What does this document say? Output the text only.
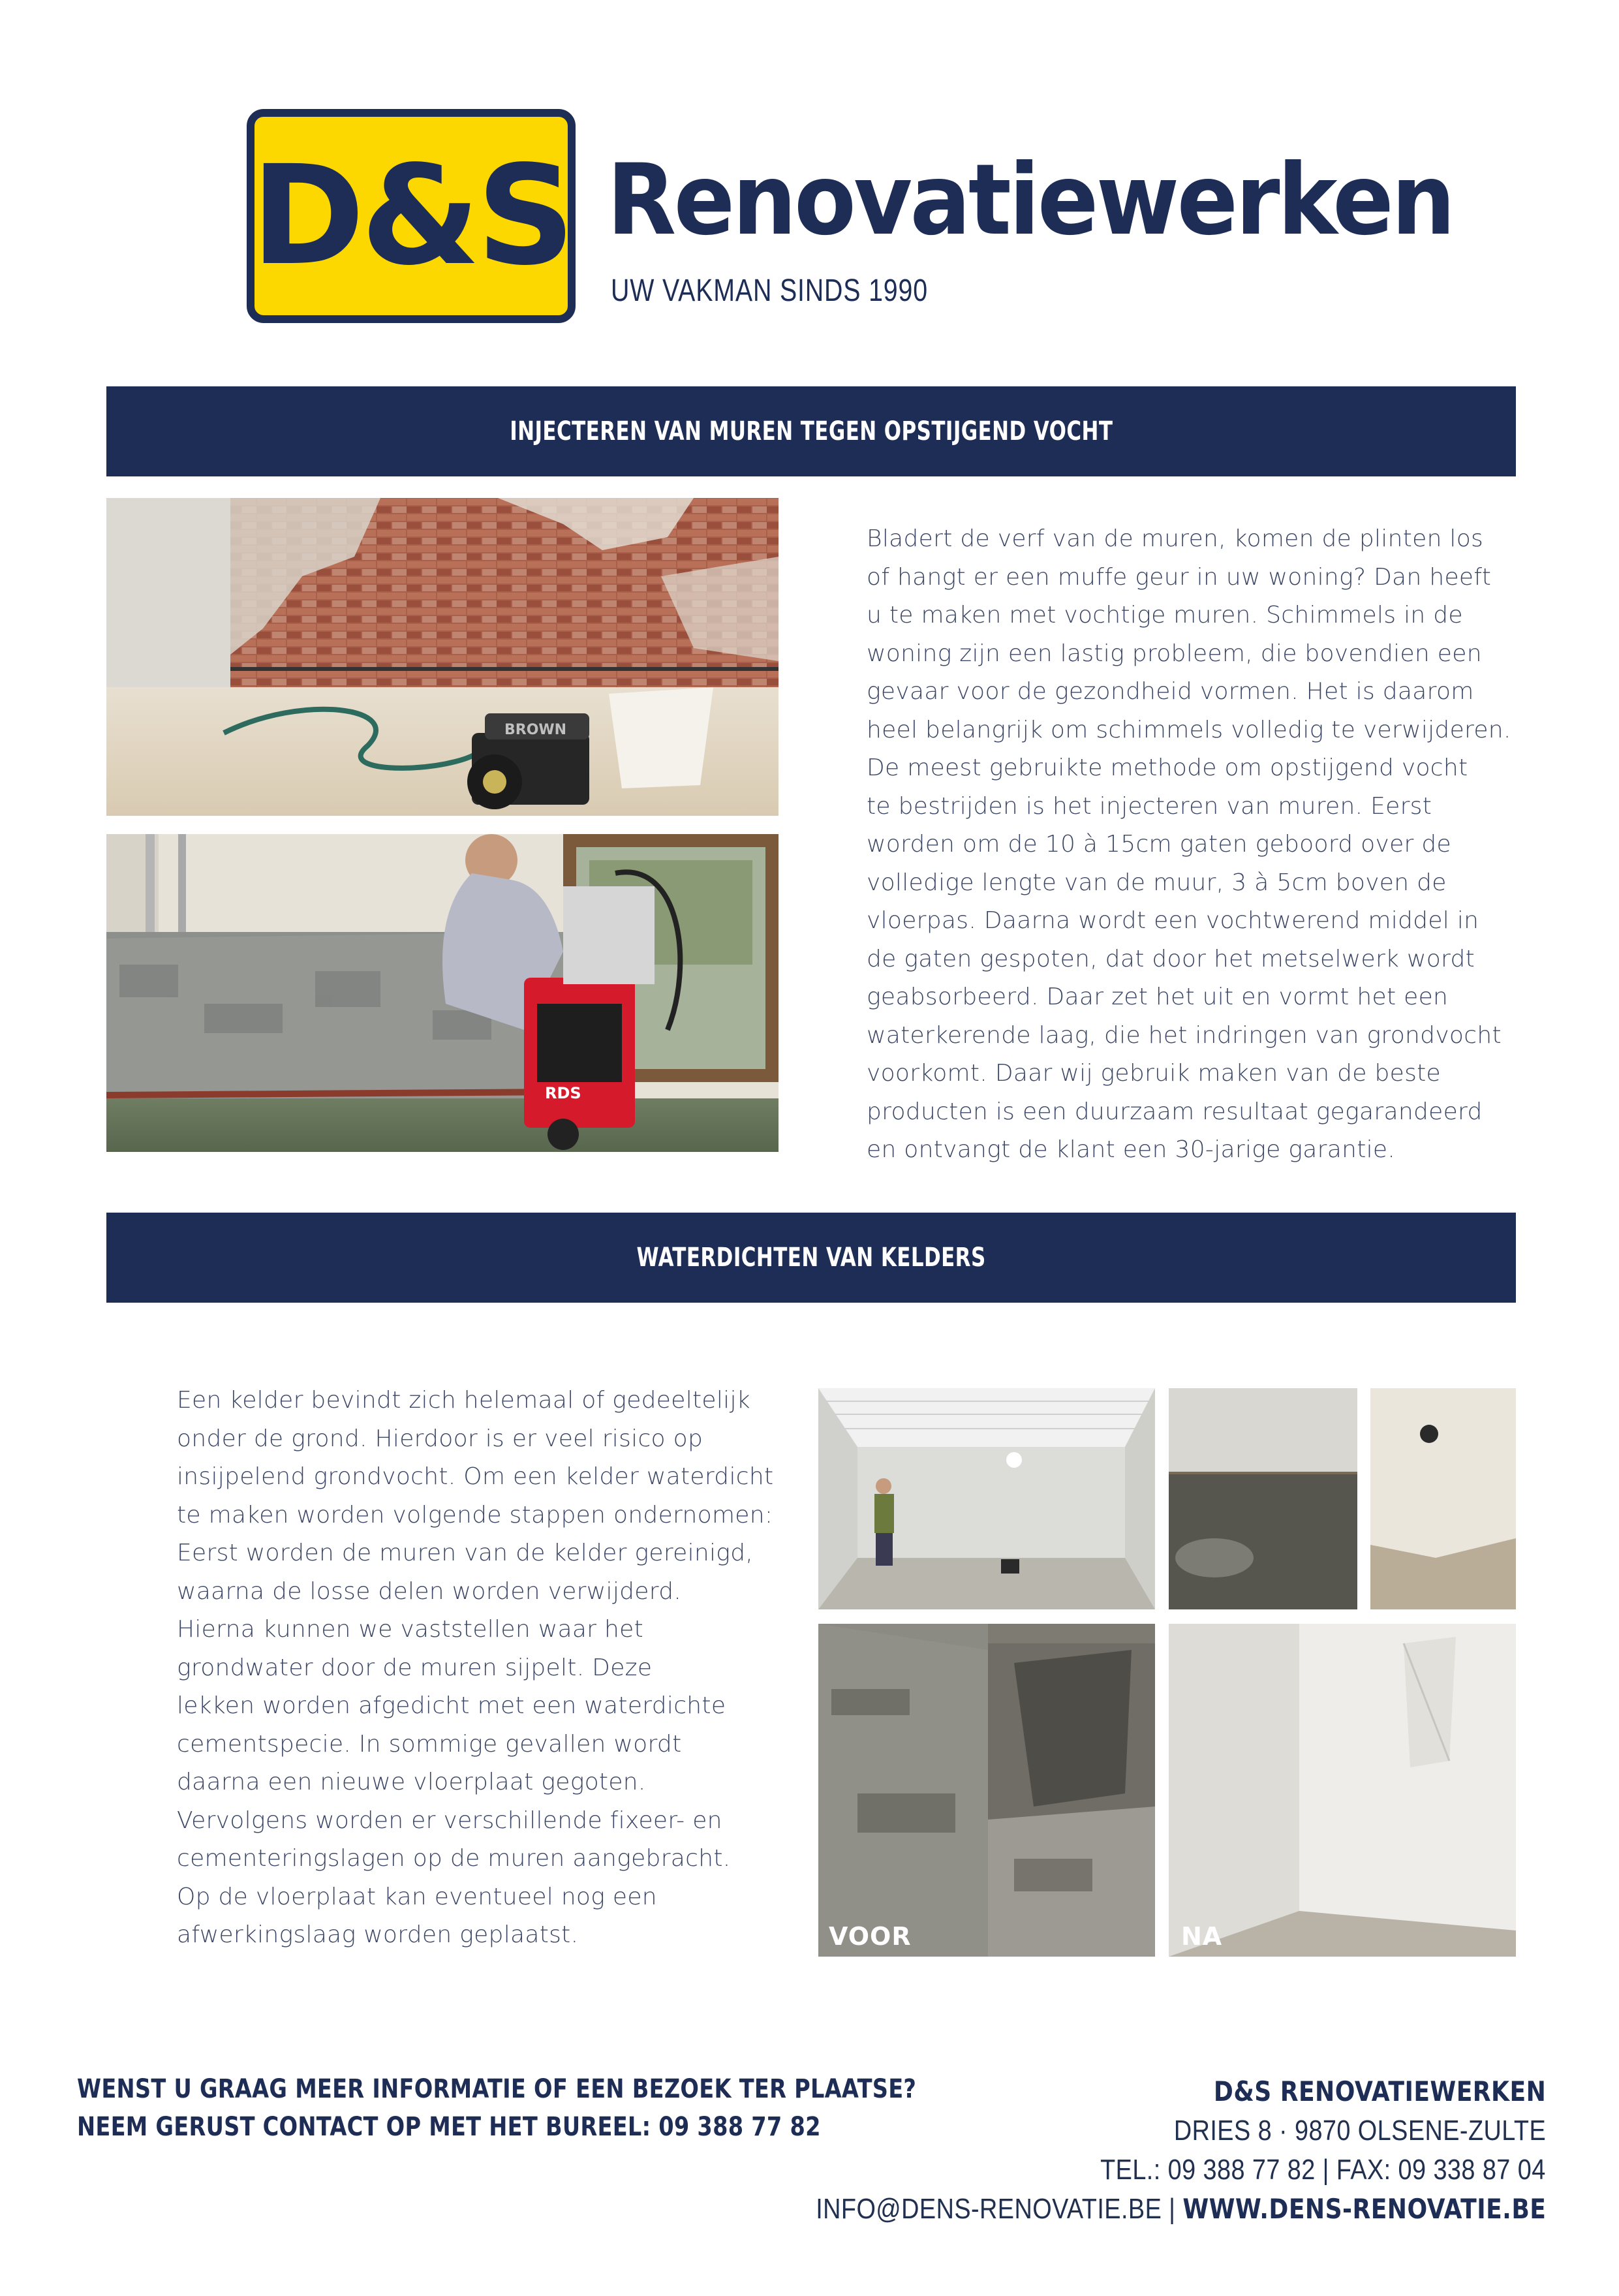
D&S Renovatiewerken
UW VAKMAN SINDS 1990
INJECTEREN VAN MUREN TEGEN OPSTIJGEND VOCHT
BROWN
RDS
Bladert de verf van de muren, komen de plinten los
of hangt er een muffe geur in uw woning? Dan heeft
u te maken met vochtige muren. Schimmels in de
woning zijn een lastig probleem, die bovendien een
gevaar voor de gezondheid vormen. Het is daarom
heel belangrijk om schimmels volledig te verwijderen.
De meest gebruikte methode om opstijgend vocht
te bestrijden is het injecteren van muren. Eerst
worden om de 10 à 15cm gaten geboord over de
volledige lengte van de muur, 3 à 5cm boven de
vloerpas. Daarna wordt een vochtwerend middel in
de gaten gespoten, dat door het metselwerk wordt
geabsorbeerd. Daar zet het uit en vormt het een
waterkerende laag, die het indringen van grondvocht
voorkomt. Daar wij gebruik maken van de beste
producten is een duurzaam resultaat gegarandeerd
en ontvangt de klant een 30-jarige garantie.
WATERDICHTEN VAN KELDERS
Een kelder bevindt zich helemaal of gedeeltelijk
onder de grond. Hierdoor is er veel risico op
insijpelend grondvocht. Om een kelder waterdicht
te maken worden volgende stappen ondernomen:
Eerst worden de muren van de kelder gereinigd,
waarna de losse delen worden verwijderd.
Hierna kunnen we vaststellen waar het
grondwater door de muren sijpelt. Deze
lekken worden afgedicht met een waterdichte
cementspecie. In sommige gevallen wordt
daarna een nieuwe vloerplaat gegoten.
Vervolgens worden er verschillende fixeer- en
cementeringslagen op de muren aangebracht.
Op de vloerplaat kan eventueel nog een
afwerkingslaag worden geplaatst.	VOOR	NA
WENST U GRAAG MEER INFORMATIE OF EEN BEZOEK TER PLAATSE?
NEEM GERUST CONTACT OP MET HET BUREEL: 09 388 77 82
D&S RENOVATIEWERKEN
DRIES 8 · 9870 OLSENE-ZULTE
TEL.: 09 388 77 82 | FAX: 09 338 87 04
INFO@DENS-RENOVATIE.BE | WWW.DENS-RENOVATIE.BE
